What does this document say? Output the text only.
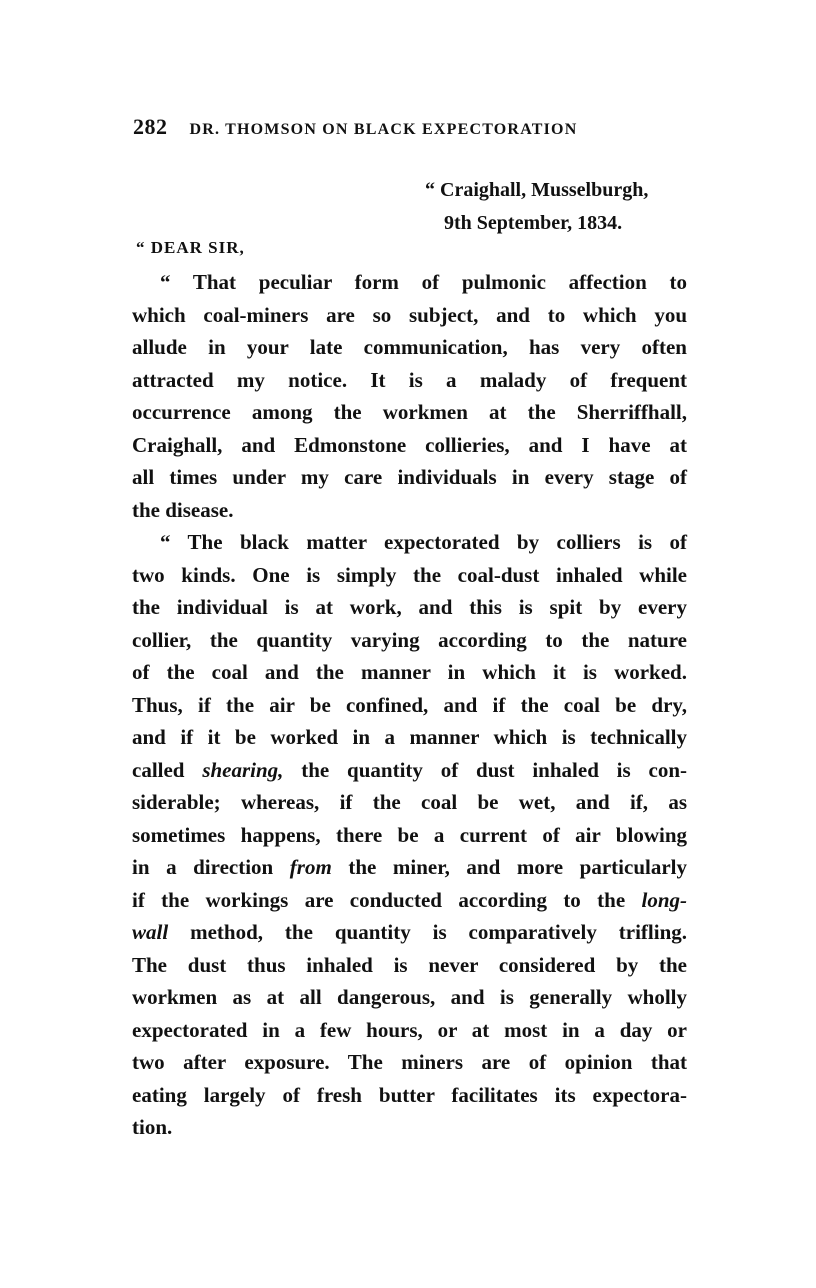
282 DR. THOMSON ON BLACK EXPECTORATION
“ Craighall, Musselburgh,
9th September, 1834.
“ DEAR SIR,
“ That peculiar form of pulmonic affection to
which coal-miners are so subject, and to which you
allude in your late communication, has very often
attracted my notice. It is a malady of frequent
occurrence among the workmen at the Sherriffhall,
Craighall, and Edmonstone collieries, and I have at
all times under my care individuals in every stage of
the disease.
“ The black matter expectorated by colliers is of
two kinds. One is simply the coal-dust inhaled while
the individual is at work, and this is spit by every
collier, the quantity varying according to the nature
of the coal and the manner in which it is worked.
Thus, if the air be confined, and if the coal be dry,
and if it be worked in a manner which is technically
called shearing, the quantity of dust inhaled is con-
siderable; whereas, if the coal be wet, and if, as
sometimes happens, there be a current of air blowing
in a direction from the miner, and more particularly
if the workings are conducted according to the long-
wall method, the quantity is comparatively trifling.
The dust thus inhaled is never considered by the
workmen as at all dangerous, and is generally wholly
expectorated in a few hours, or at most in a day or
two after exposure. The miners are of opinion that
eating largely of fresh butter facilitates its expectora-
tion.
